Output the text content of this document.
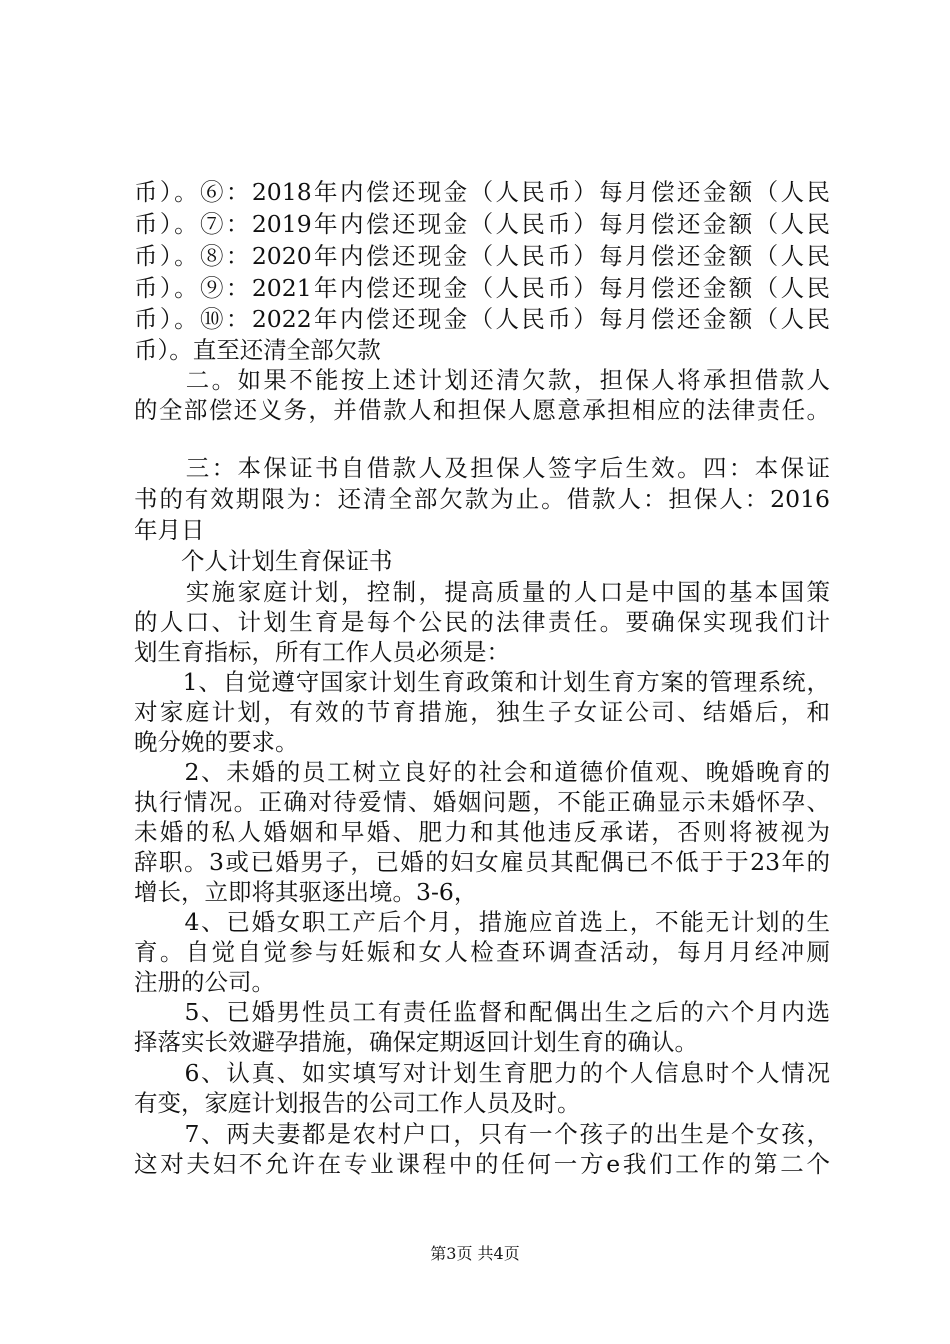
币）。⑥：2018年内偿还现金（人民币）每月偿还金额（人民
币）。⑦：2019年内偿还现金（人民币）每月偿还金额（人民
币）。⑧：2020年内偿还现金（人民币）每月偿还金额（人民
币）。⑨：2021年内偿还现金（人民币）每月偿还金额（人民
币）。⑩：2022年内偿还现金（人民币）每月偿还金额（人民
币）。直至还清全部欠款
　　二。如果不能按上述计划还清欠款，担保人将承担借款人
的全部偿还义务，并借款人和担保人愿意承担相应的法律责任。
　　三：本保证书自借款人及担保人签字后生效。四：本保证
书的有效期限为：还清全部欠款为止。借款人：担保人：2016
年月日
　　个人计划生育保证书
　　实施家庭计划，控制，提高质量的人口是中国的基本国策
的人口、计划生育是每个公民的法律责任。要确保实现我们计
划生育指标，所有工作人员必须是：
　　1、自觉遵守国家计划生育政策和计划生育方案的管理系统，
对家庭计划，有效的节育措施，独生子女证公司、结婚后，和
晚分娩的要求。
　　2、未婚的员工树立良好的社会和道德价值观、晚婚晚育的
执行情况。正确对待爱情、婚姻问题，不能正确显示未婚怀孕、
未婚的私人婚姻和早婚、肥力和其他违反承诺，否则将被视为
辞职。3或已婚男子，已婚的妇女雇员其配偶已不低于于23年的
增长，立即将其驱逐出境。3-6，
　　4、已婚女职工产后个月，措施应首选上，不能无计划的生
育。自觉自觉参与妊娠和女人检查环调查活动，每月月经冲厕
注册的公司。
　　5、已婚男性员工有责任监督和配偶出生之后的六个月内选
择落实长效避孕措施，确保定期返回计划生育的确认。
　　6、认真、如实填写对计划生育肥力的个人信息时个人情况
有变，家庭计划报告的公司工作人员及时。
　　7、两夫妻都是农村户口，只有一个孩子的出生是个女孩，
这对夫妇不允许在专业课程中的任何一方e我们工作的第二个
第3页 共4页
